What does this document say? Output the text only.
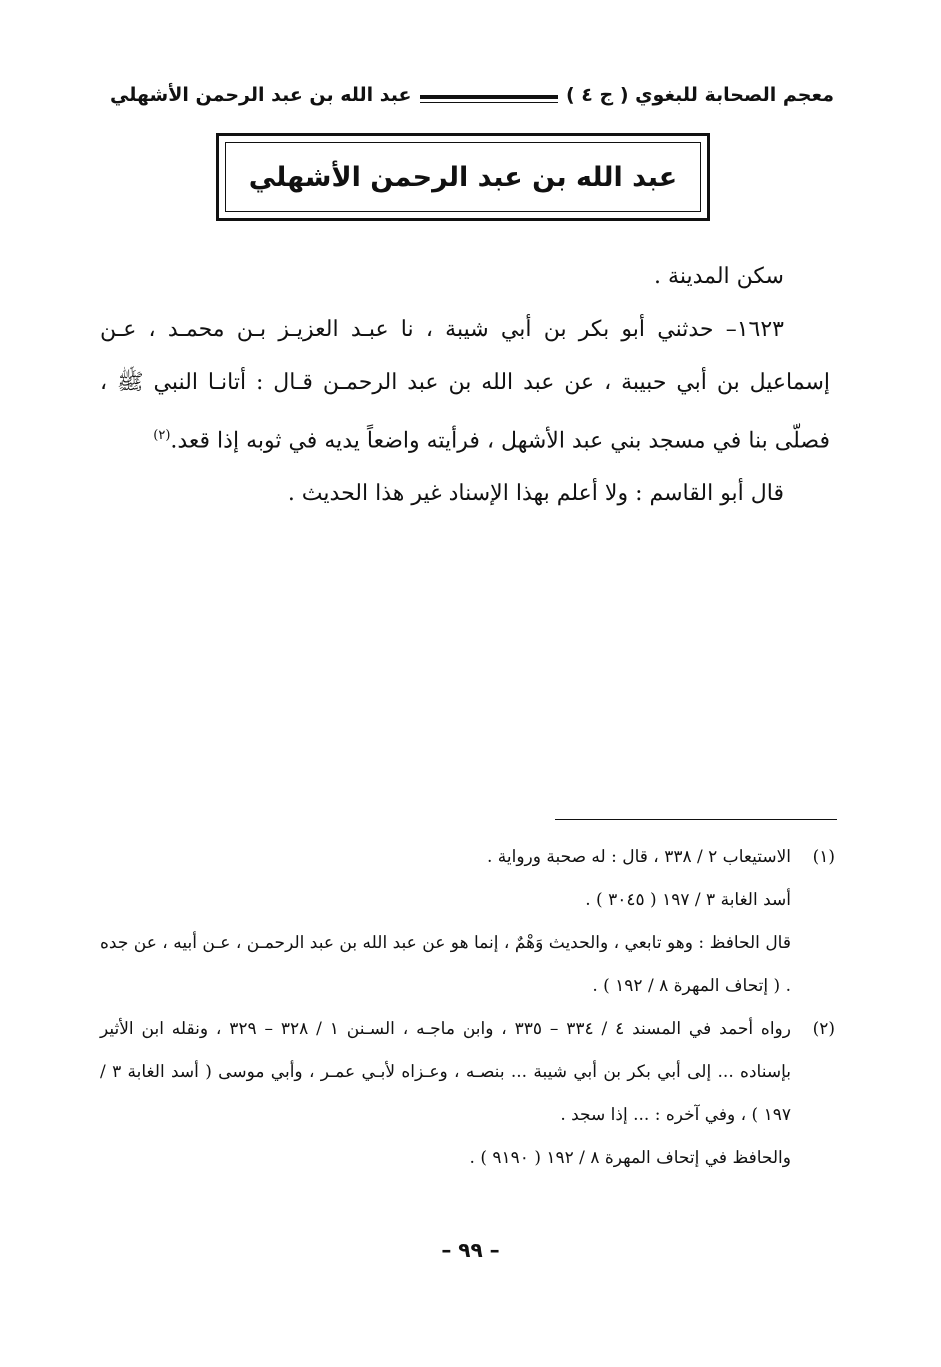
معجم الصحابة للبغوي ( ج ٤ )
عبد الله بن عبد الرحمن الأشهلي
عبد الله بن عبد الرحمن الأشهلي

سكن المدينة .

١٦٢٣– حدثني أبو بكر بن أبي شيبة ، نا عبـد العزيـز بـن محمـد ، عـن إسماعيل بن أبي حبيبة ، عن عبد الله بن عبد الرحمـن قـال : أتانـا النبي ﷺ ، فصلّى بنا في مسجد بني عبد الأشهل ، فرأيته واضعاً يديه في ثوبه إذا قعد.$^{(٢)}$

قال أبو القاسم : ولا أعلم بهذا الإسناد غير هذا الحديث .

(١)

الاستيعاب ٢ / ٣٣٨ ، قال : له صحبة ورواية .

أسد الغابة ٣ / ١٩٧ ( ٣٠٤٥ ) .

قال الحافظ : وهو تابعي ، والحديث وَهْمٌ ، إنما هو عن عبد الله بن عبد الرحمـن ، عـن أبيه ، عن جده . ( إتحاف المهرة ٨ / ١٩٢ ) .

(٢)

رواه أحمد في المسند ٤ / ٣٣٤ – ٣٣٥ ، وابن ماجـه ، السـنن ١ / ٣٢٨ – ٣٢٩ ، ونقله ابن الأثير بإسناده ... إلى أبي بكر بن أبي شيبة ... بنصـه ، وعـزاه لأبـي عمـر ، وأبي موسى ( أسد الغابة ٣ / ١٩٧ ) ، وفي آخره : ... إذا سجد .

والحافظ في إتحاف المهرة ٨ / ١٩٢ ( ٩١٩٠ ) .

– ٩٩ –
